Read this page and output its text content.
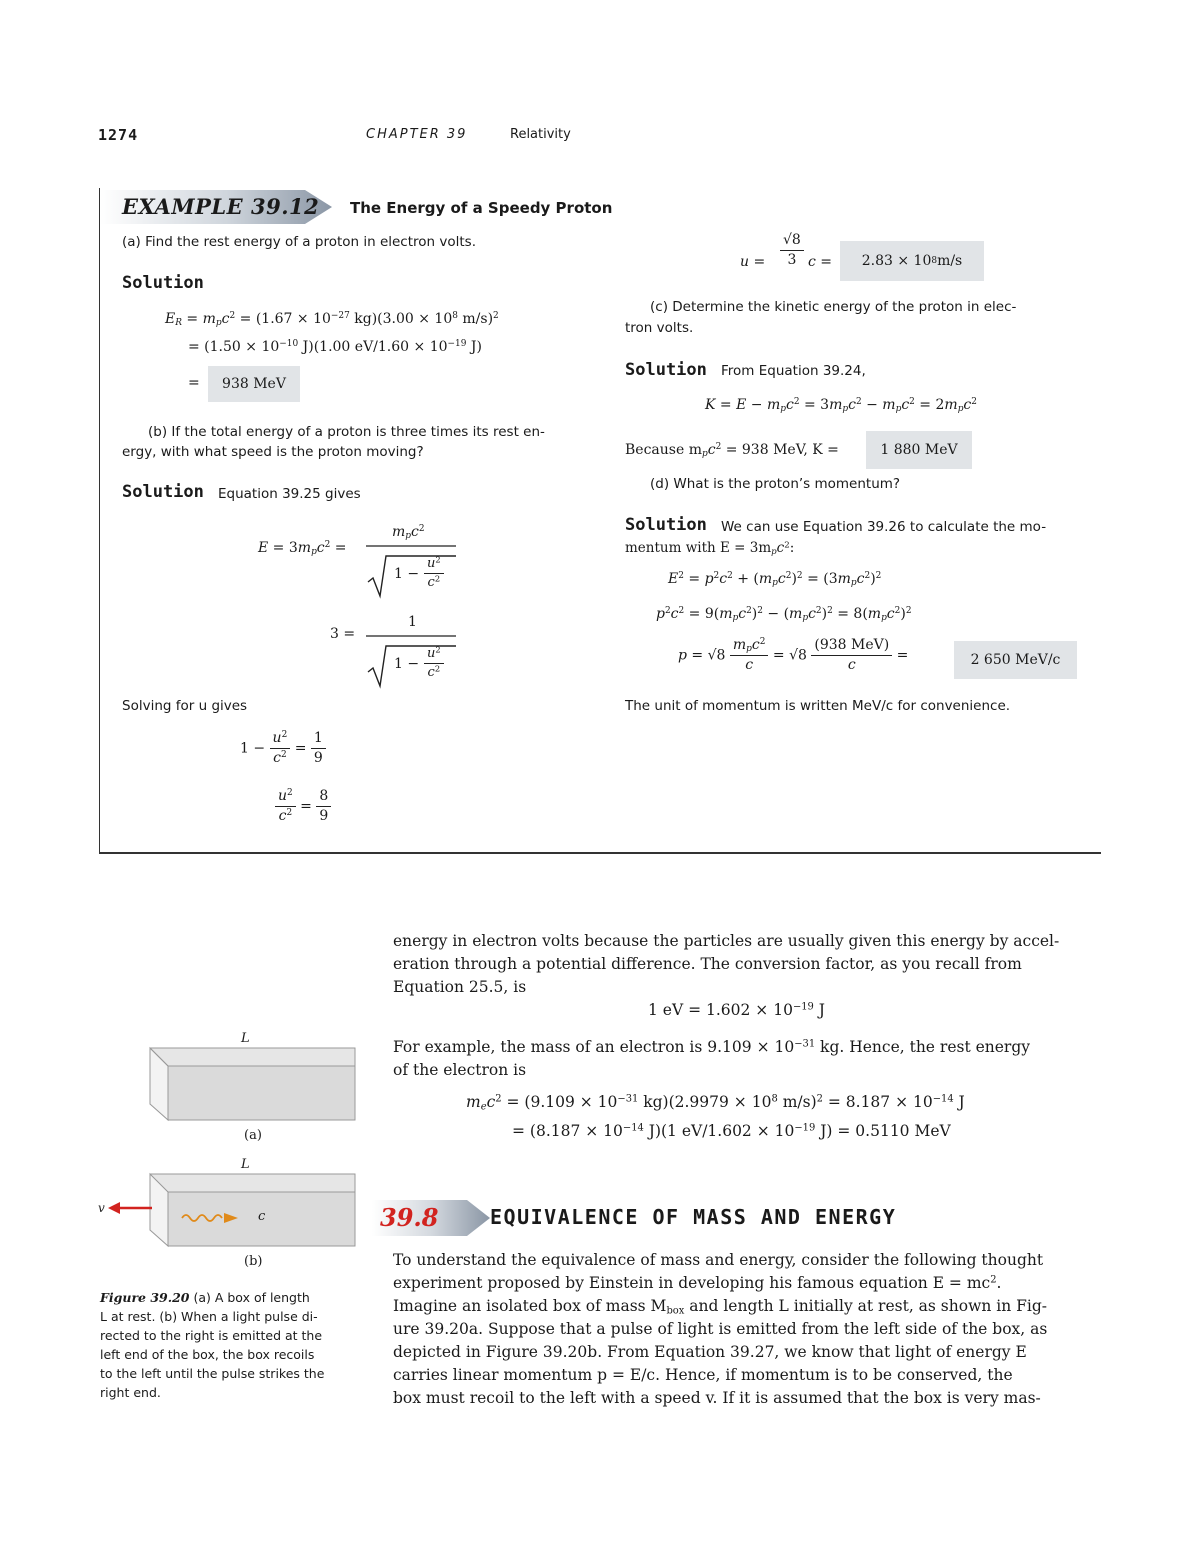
1274	CHAPTER 39	Relativity
EXAMPLE 39.12 The Energy of a Speedy Proton
(a) Find the rest energy of a proton in electron volts.
Solution
$E_R = m_pc^2 = (1.67 \times 10^{-27}$ $kg)(3.00 \times 10^8$ m/s)$^2$
= ($1.50 \times 10^{-10}$ J)(1.00 $eV/1.60 \times 10^{-19}$ J)
=	938 MeV
(b) If the total energy of a proton is three times its rest en-
ergy, with what speed is the proton moving?
Solution Equation 39.25 gives
$E = 3m_pc^2$ =
$m_pc^2$
$1 - \frac{u^2}{c^2}$
3 =
1
$1 - \frac{u^2}{c^2}$
Solving for u gives
$1 - \frac{u^2}{c^2} = \frac{1}{9}$
$\frac{u^2}{c^2} = \frac{8}{9}$
$u = \frac{√8}{3}$ c = 2.83 × 10 8 m/s
(c) Determine the kinetic energy of the proton in elec-
tron volts.
Solution From Equation 39.24,
$K = E - m_pc^2 = 3m_pc^2 - m_pc^2 = 2m_pc^2$
Because $m_pc^2 = 938$ MeV, K =	1 880 MeV
(d) What is the proton’s momentum?
Solution We can use Equation 39.26 to calculate the mo-
mentum with $E = 3m_pc^2$:
$E^2 = p^2c^2 + (m_pc^2)^2 = (3m_pc^2)^2$
$p^2c^2 = 9(m_pc^2)^2 - (m_pc^2)^2 = 8(m_pc^2)^2$
$p = √8 \frac{m_pc^2}{c} = √8 \frac{\text{(938 MeV)}}{c}$ =	2 650 MeV/c
The unit of momentum is written MeV/c for convenience.
energy in electron volts because the particles are usually given this energy by accel-
eration through a potential difference. The conversion factor, as you recall from
Equation 25.5, is
1 eV = $1.602 \times 10^{-19}$ J
For example, the mass of an electron is $9.109 \times 10^{-31}$ kg. Hence, the rest energy
of the electron is
$m_ec^2 = (9.109 \times 10^{-31}$ $kg)(2.9979 \times 10^8$ $m/s)^2 = 8.187 \times 10^{-14}$ J
= ($8.187 \times 10^{-14}$ J)(1 $eV/1.602 \times 10^{-19}$ J) = 0.5110 MeV
39.8	EQUIVALENCE OF MASS AND ENERGY
To understand the equivalence of mass and energy, consider the following thought
experiment proposed by Einstein in developing his famous equation $E = mc^2$.
Imagine an isolated box of mass $M_{box}$ and length L initially at rest, as shown in Fig-
ure 39.20a. Suppose that a pulse of light is emitted from the left side of the box, as
depicted in Figure 39.20b. From Equation 39.27, we know that light of energy E
carries linear momentum p = E/c. Hence, if momentum is to be conserved, the
box must recoil to the left with a speed v. If it is assumed that the box is very mas-
L
(a)
L
c
v
(b)
Figure 39.20 (a) A box of length
L at rest. (b) When a light pulse di-
rected to the right is emitted at the
left end of the box, the box recoils
to the left until the pulse strikes the
right end.
